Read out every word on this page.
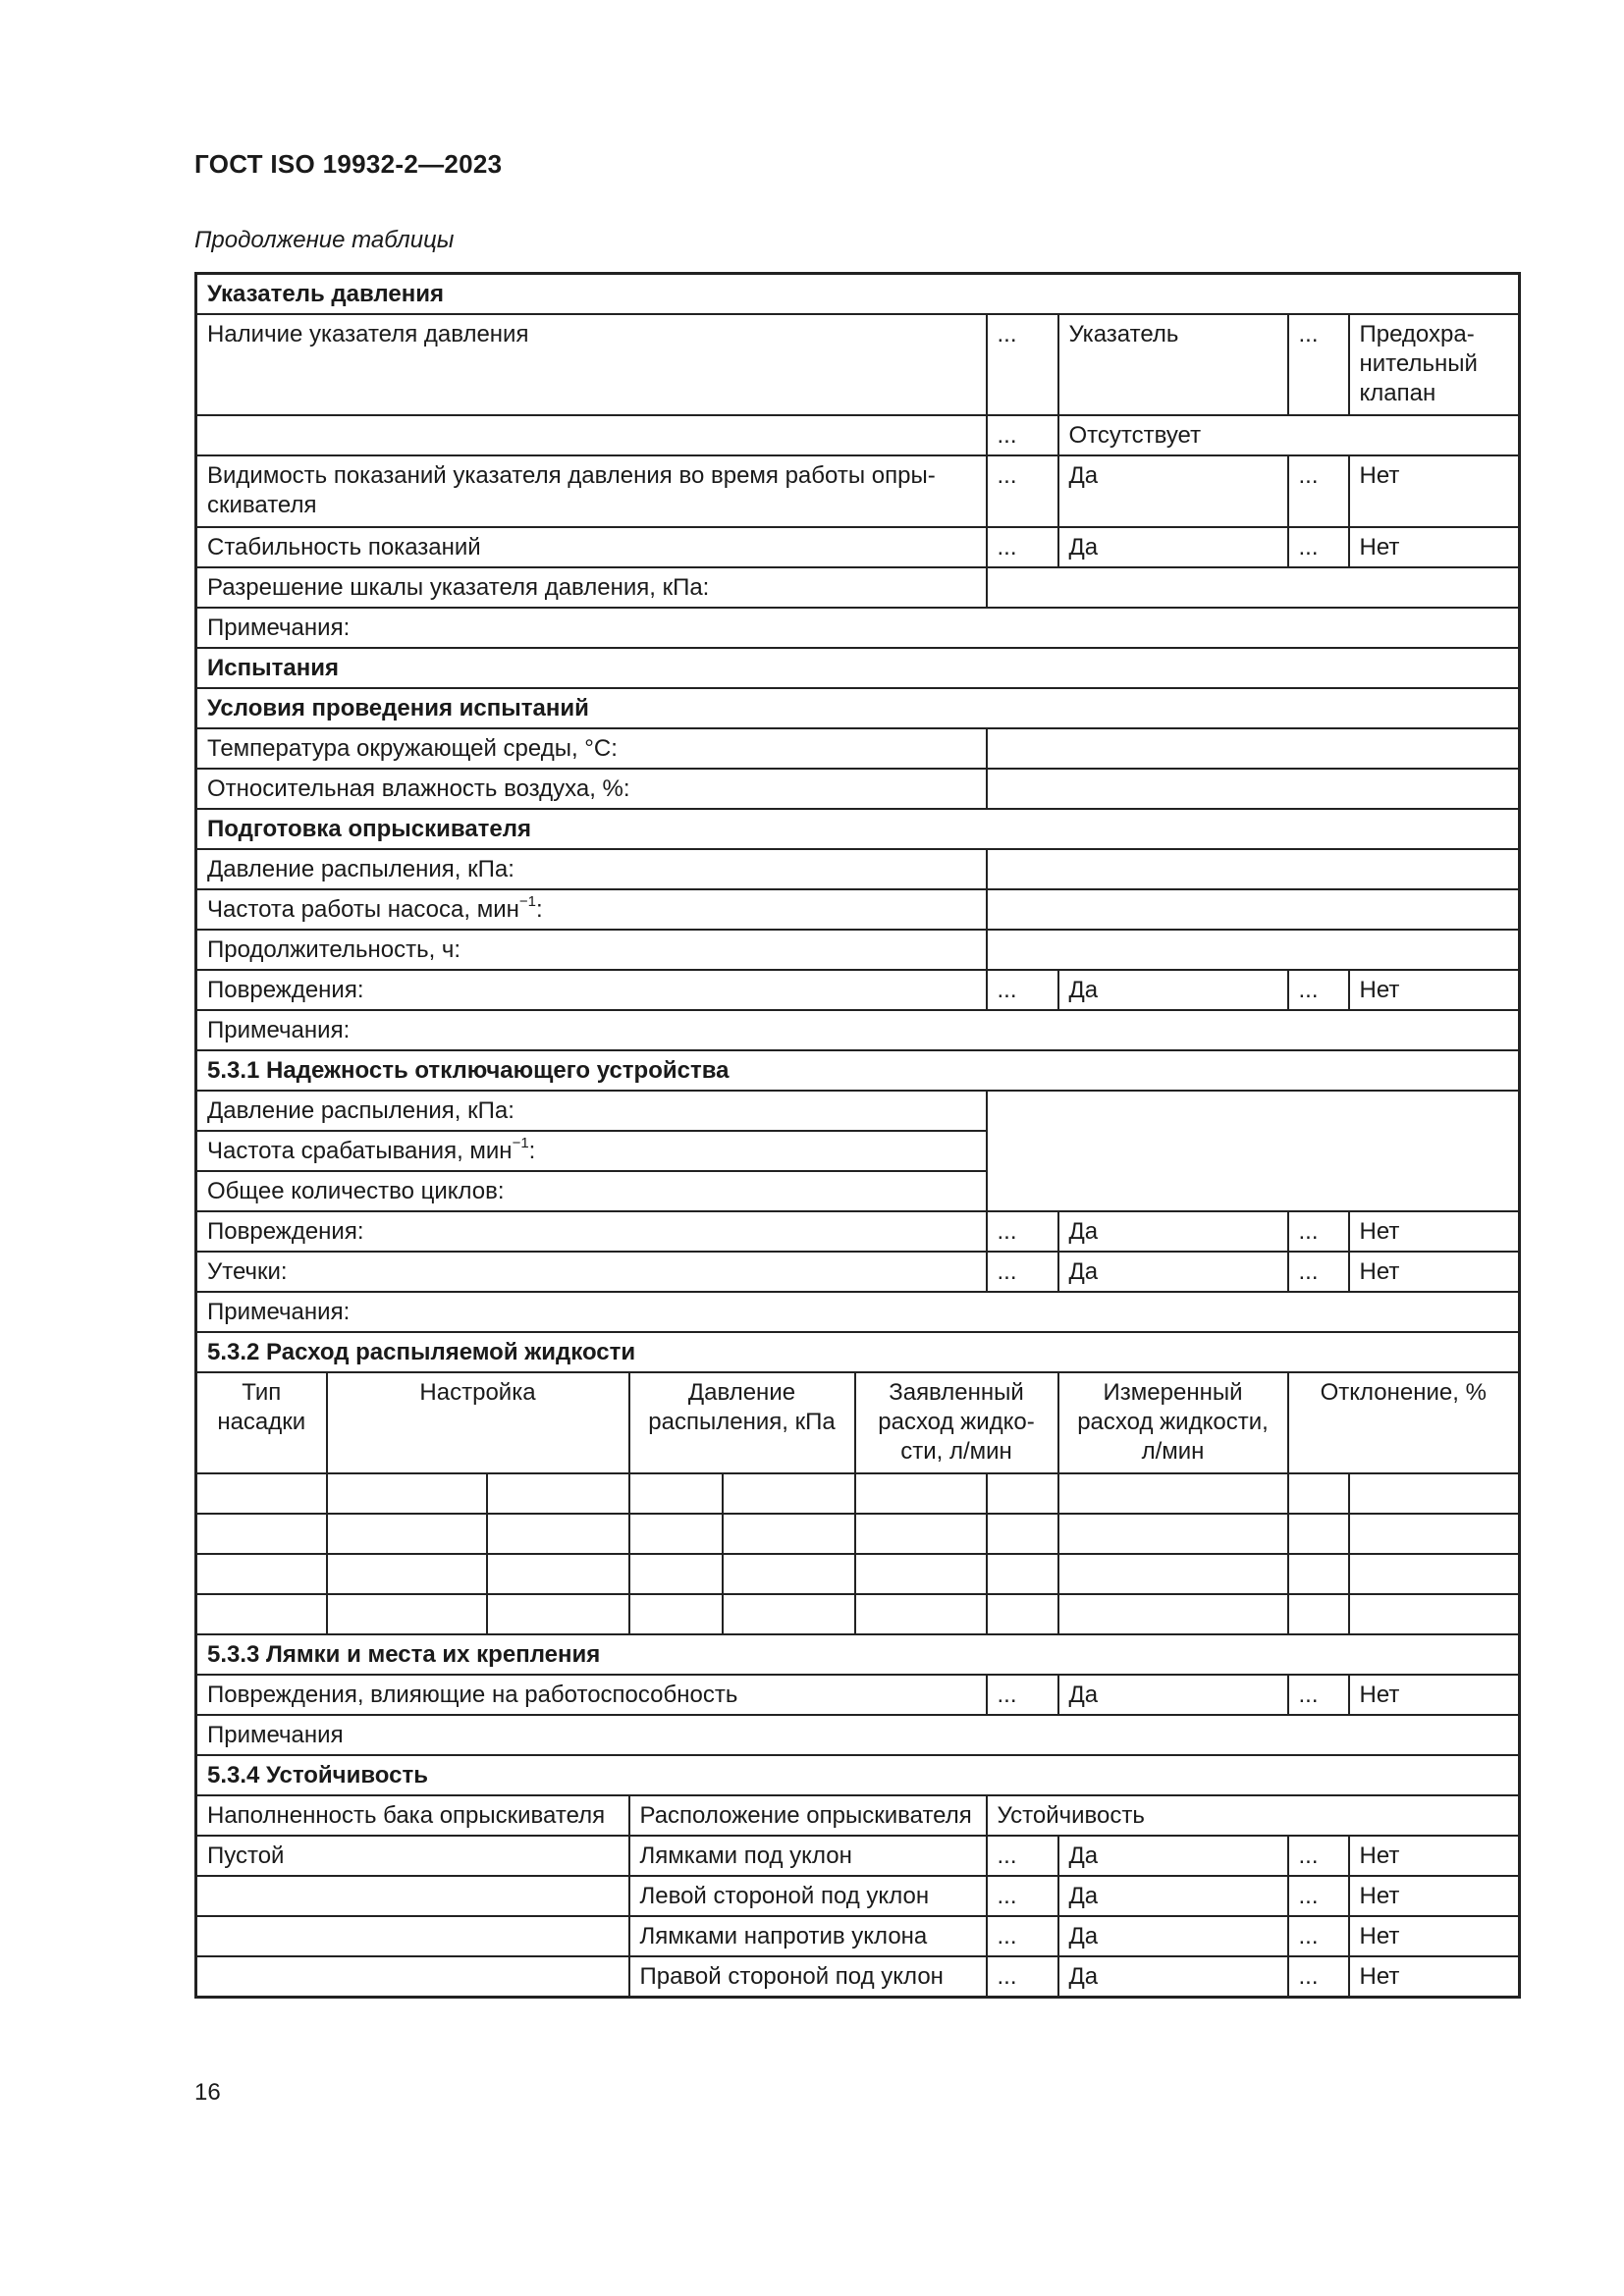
ГОСТ ISO 19932-2—2023
Продолжение таблицы
Указатель давления									
Наличие указателя давления						...	Указатель	...	Предохра-нительный клапан
						...	Отсутствует		
Видимость показаний указателя давления во время работы опры-скивателя						...	Да	...	Нет
Стабильность показаний						...	Да	...	Нет
Разрешение шкалы указателя давления, кПа:									
Примечания:									
Испытания									
Условия проведения испытаний									
Температура окружающей среды, °С:									
Относительная влажность воздуха, %:									
Подготовка опрыскивателя									
Давление распыления, кПа:									
Частота работы насоса, мин$^{-1}$:									
Продолжительность, ч:									
Повреждения:						...	Да	...	Нет
Примечания:									
5.3.1 Надежность отключающего устройства									
Давление распыления, кПа:									
Частота срабатывания, мин$^{-1}$:									
Общее количество циклов:									
Повреждения:						...	Да	...	Нет
Утечки:						...	Да	...	Нет
Примечания:									
5.3.2 Расход распыляемой жидкости									
Тип насадки	Настройка		Давление распыления, кПа		Заявленный расход жидко-сти, л/мин		Измеренный расход жидкости, л/мин	Отклонение, %	

5.3.3 Лямки и места их крепления									
Повреждения, влияющие на работоспособность						...	Да	...	Нет
Примечания									
5.3.4 Устойчивость									
Наполненность бака опрыскивателя			Расположение опрыскивателя			Устойчивость			
Пустой			Лямками под уклон			...	Да	...	Нет
			Левой стороной под уклон			...	Да	...	Нет
			Лямками напротив уклона			...	Да	...	Нет
			Правой стороной под уклон			...	Да	...	Нет
16
